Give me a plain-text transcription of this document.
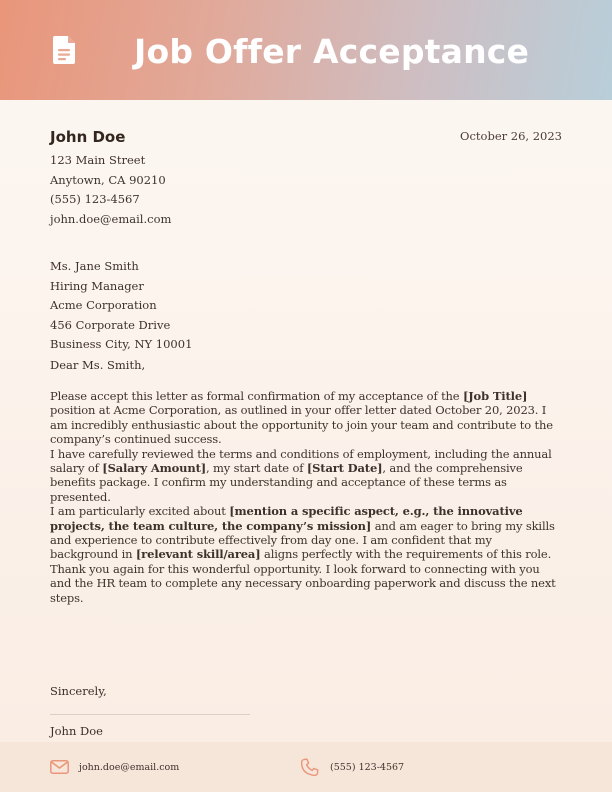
Job Offer Acceptance
John Doe	October 26, 2023
123 Main Street
Anytown, CA 90210
(555) 123-4567
john.doe@email.com
Ms. Jane Smith
Hiring Manager
Acme Corporation
456 Corporate Drive
Business City, NY 10001
Dear Ms. Smith,

Please accept this letter as formal confirmation of my acceptance of the [Job Title] position at Acme Corporation, as outlined in your offer letter dated October 20, 2023. I am incredibly enthusiastic about the opportunity to join your team and contribute to the company’s continued success.

I have carefully reviewed the terms and conditions of employment, including the annual salary of [Salary Amount], my start date of [Start Date], and the comprehensive benefits package. I confirm my understanding and acceptance of these terms as presented.

I am particularly excited about [mention a specific aspect, e.g., the innovative projects, the team culture, the company’s mission] and am eager to bring my skills and experience to contribute effectively from day one. I am confident that my background in [relevant skill/area] aligns perfectly with the requirements of this role.

Thank you again for this wonderful opportunity. I look forward to connecting with you and the HR team to complete any necessary onboarding paperwork and discuss the next steps.

Sincerely,
John Doe
john.doe@email.com	(555) 123-4567
